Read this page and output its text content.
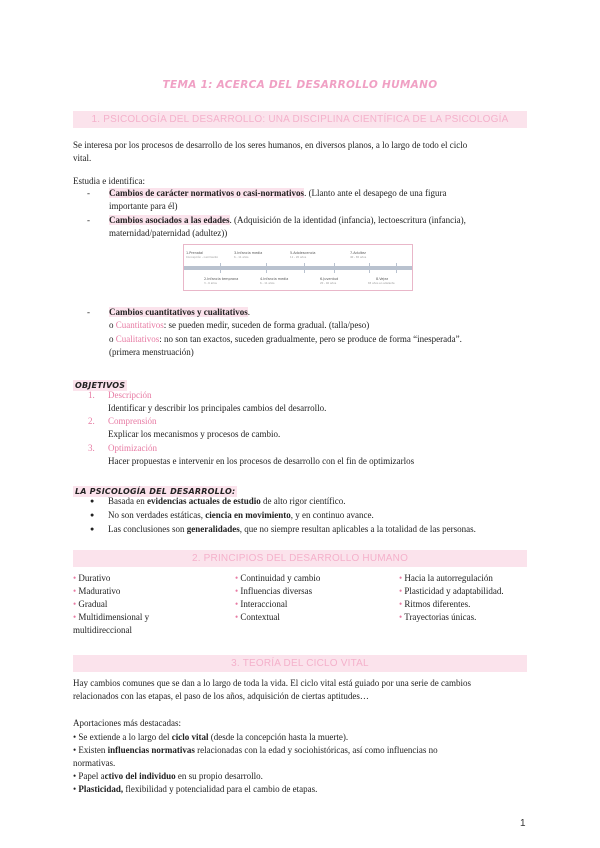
TEMA 1: ACERCA DEL DESARROLLO HUMANO
1. PSICOLOGÍA DEL DESARROLLO: UNA DISCIPLINA CIENTÍFICA DE LA PSICOLOGÍA
Se interesa por los procesos de desarrollo de los seres humanos, en diversos planos, a lo largo de todo el ciclo
vital.
Estudia e identifica:
- Cambios de carácter normativos o casi-normativos. (Llanto ante el desapego de una figura
importante para él)
- Cambios asociados a las edades. (Adquisición de la identidad (infancia), lectoescritura (infancia),
maternidad/paternidad (adultez))
1.Prenatal
Concepción - nacimiento
3.Infancia media
6 - 11 años
5.Adolescencia
11 - 20 años
7.Adultez
40 - 65 años
2.Infancia temprana
3 - 6 años
4.Infancia media
6 - 11 años
6.Juventud
20 - 40 años
8.Vejez
65 años en adelante
- Cambios cuantitativos y cualitativos.
o Cuantitativos: se pueden medir, suceden de forma gradual. (talla/peso)
o Cualitativos: no son tan exactos, suceden gradualmente, pero se produce de forma “inesperada”.
(primera menstruación)
OBJETIVOS
1. Descripción
Identificar y describir los principales cambios del desarrollo.
2. Comprensión
Explicar los mecanismos y procesos de cambio.
3. Optimización
Hacer propuestas e intervenir en los procesos de desarrollo con el fin de optimizarlos
LA PSICOLOGÍA DEL DESARROLLO:
● Basada en evidencias actuales de estudio de alto rigor científico.
● No son verdades estáticas, ciencia en movimiento, y en continuo avance.
● Las conclusiones son generalidades, que no siempre resultan aplicables a la totalidad de las personas.
2. PRINCIPIOS DEL DESARROLLO HUMANO
• Durativo
• Madurativo
• Gradual
• Multidimensional y
multidireccional
• Continuidad y cambio
• Influencias diversas
• Interaccional
• Contextual
• Hacia la autorregulación
• Plasticidad y adaptabilidad.
• Ritmos diferentes.
• Trayectorias únicas.
3. TEORÍA DEL CICLO VITAL
Hay cambios comunes que se dan a lo largo de toda la vida. El ciclo vital está guiado por una serie de cambios
relacionados con las etapas, el paso de los años, adquisición de ciertas aptitudes…
Aportaciones más destacadas:
• Se extiende a lo largo del ciclo vital (desde la concepción hasta la muerte).
• Existen influencias normativas relacionadas con la edad y sociohistóricas, así como influencias no
normativas.
• Papel activo del individuo en su propio desarrollo.
• Plasticidad, flexibilidad y potencialidad para el cambio de etapas.
1
